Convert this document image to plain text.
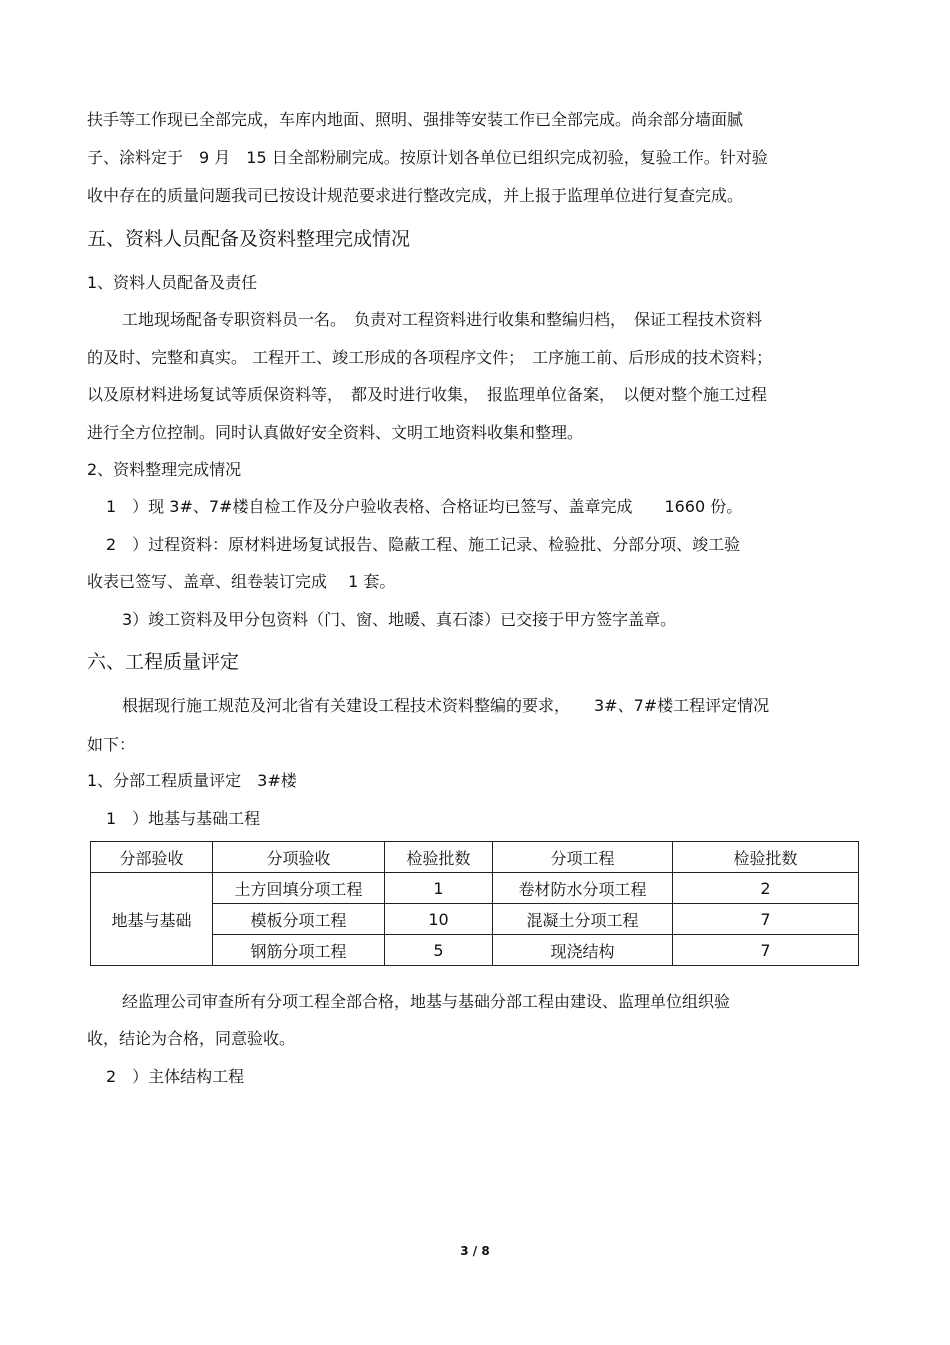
扶手等工作现已全部完成，车库内地面、照明、强排等安装工作已全部完成。尚余部分墙面腻
子、涂料定于　9 月　15 日全部粉刷完成。按原计划各单位已组织完成初验，复验工作。针对验
收中存在的质量问题我司已按设计规范要求进行整改完成，并上报于监理单位进行复查完成。
五、资料人员配备及资料整理完成情况
1、资料人员配备及责任
工地现场配备专职资料员一名。　负责对工程资料进行收集和整编归档，　保证工程技术资料
的及时、完整和真实。 工程开工、竣工形成的各项程序文件；　工序施工前、后形成的技术资料；
以及原材料进场复试等质保资料等，　都及时进行收集，　报监理单位备案，　以便对整个施工过程
进行全方位控制。同时认真做好安全资料、文明工地资料收集和整理。
2、资料整理完成情况
1　）现 3#、7#楼自检工作及分户验收表格、合格证均已签写、盖章完成　　1660 份。
2　）过程资料：原材料进场复试报告、隐蔽工程、施工记录、检验批、分部分项、竣工验
收表已签写、盖章、组卷装订完成　 1 套。
3）竣工资料及甲分包资料（门、窗、地暖、真石漆）已交接于甲方签字盖章。
六、工程质量评定
根据现行施工规范及河北省有关建设工程技术资料整编的要求，　　3#、7#楼工程评定情况
如下：
1、分部工程质量评定　3#楼
1　）地基与基础工程
分部验收	分项验收	检验批数	分项工程	检验批数
地基与基础	土方回填分项工程	1	卷材防水分项工程	2
	模板分项工程	10	混凝土分项工程	7
	钢筋分项工程	5	现浇结构	7
经监理公司审查所有分项工程全部合格，地基与基础分部工程由建设、监理单位组织验
收，结论为合格，同意验收。
2　）主体结构工程
3 / 8
